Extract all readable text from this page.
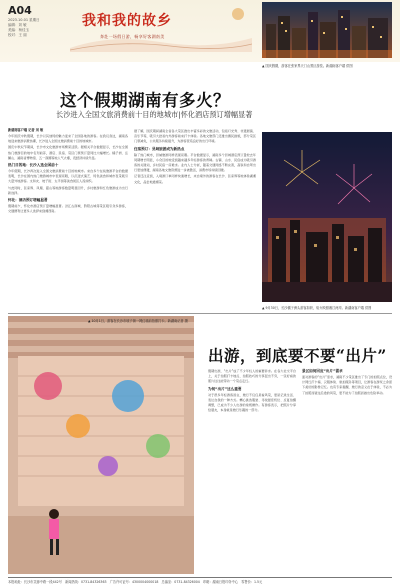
A04
2023.10.01 星期日
编辑：刘 敏
美编：杨佳玉
校对：王 丽
我和我的故乡
奔赴一场假日游，畅享好客湖南美
▲ 国庆假期，游客在张家界天门山景区游览。新湖南客户端 供图
这个假期湖南有多火？
长沙进入全国文旅消费前十目的地城市|怀化酒店预订增幅显著
新湖南客户端 记者 刘 敏

今年国庆中秋假期，长沙以其独特的魅力迎来了全国各地的游客。在我们身边，湖南各地迎来旅游消费热潮，长沙进入全国文旅消费前十目的地城市。

国庆中秋双节期间，长沙市文化旅游市场繁荣活跃。据相关平台数据显示，长沙在全国热门旅游目的地中名列前茅，酒店、民宿、景区门票预订量同比大幅增长。橘子洲、岳麓山、湖南省博物馆、五一商圈等地人气火爆，夜经济持续升温。

热门目的地：长沙入选全国前十

今年假期，长沙再次进入全国文旅消费前十目的地城市。来自多个在线旅游平台的数据表明，长沙在国内热门旅游城市中表现亮眼，以沉浸式演艺、特色美食和城市夜景吸引大量外地游客。文和友、坡子街、太平街等美食街区人流如织。

与此同时，张家界、凤凰、韶山等地游客数量明显回升，乡村旅游和红色旅游成为出行新选择。

怀化：酒店预订增幅显著

假期前夕，怀化市酒店预订量增幅显著。洪江古商城、黔阳古城等景区吸引众多游客，交通便利让更多人选择来到湘西南。

据了解，国庆期间湖南全省各大景区推出丰富多彩的文旅活动，包括灯光秀、非遗展演、音乐节等，吸引大批省内外游客前来打卡体验。各地文旅部门还推出惠民措施，部分景区门票减免，公共服务持续提升，为游客营造良好的出行环境。

住宿预订：县域旅游成为新热点

除了热门城市，县域旅游同样表现亮眼。平台数据显示，湖南多个县城酒店预订量较去年同期增长明显，小众目的地受到越来越多年轻游客的青睐。古镇、山水、民俗成为吸引游客的关键词，乡村民宿一房难求。业内人士分析，随着交通网络不断完善，高铁和自驾出行更加便捷，湖南各地文旅资源进一步被激活，消费市场持续回暖。

记者还注意到，入境游订单同样快速增长，来自境外的游客在长沙、张家界等地体验湖湘文化，品尝地道湘菜。

▲ 9月30日，长沙橘子洲头游客如织，焰火映照湘江两岸。新湖南客户端 供图
▲ 10月1日，游客在长沙市坡子街一网红墙前拍照打卡。新湖南记者 摄
出游，到底要不要“出片”

假期出游，“出片”成了不少年轻人的重要诉求。在各大社交平台上，关于拍照打卡地点、拍照技巧的分享层出不穷，一张好看的照片往往能带动一个景点走红。

为何“出片”这么重要

对于很多年轻游客而言，旅行不仅仅是看风景，更是记录生活、表达自我的一种方式。精心挑选服装、寻找最佳机位、反复拍摄调整，已成为不少人出游的常规操作。有游客表示，把照片分享给朋友，本身就是旅行乐趣的一部分。

景区如何回应“出片”需求

面对游客的“出片”需求，湖南不少景区推出了专门的拍照点位，设计网红打卡墙、汉服体验、航拍服务等项目，让游客在游玩之余留下美好的影像记忆。也有专家提醒，旅行的意义在于体验，不必为了拍照而错过沿途的风景，更不能为了拍照而做出危险举动。

本报地址：长沙市芙蓉中路一段442号　新闻热线：0731-84326363　广告许可证号：4300004000018　总编室：0731-84326004　印刷：湖南日报印务中心　零售价：1.5元
